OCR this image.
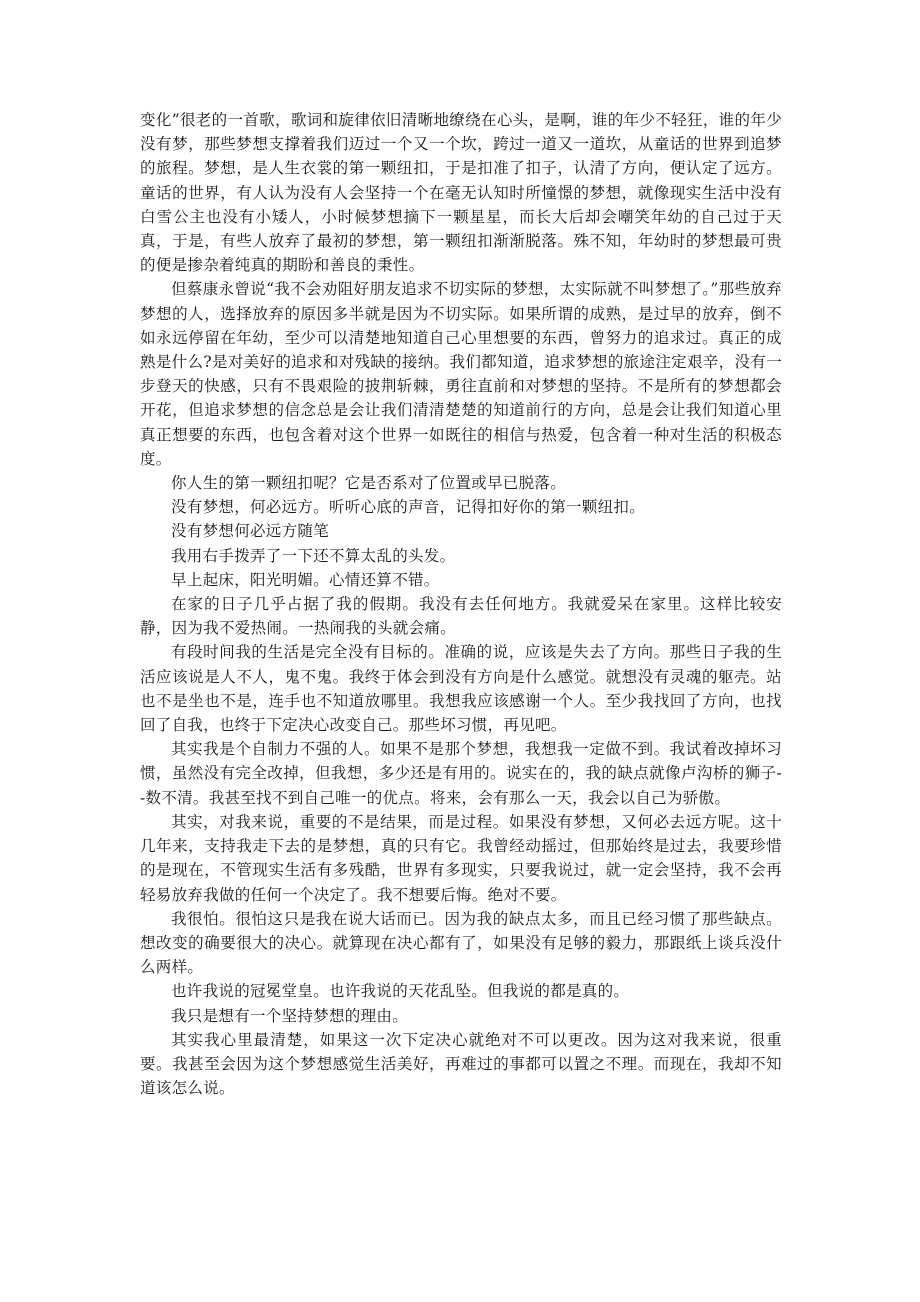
变化”很老的一首歌，歌词和旋律依旧清晰地缭绕在心头，是啊，谁的年少不轻狂，谁的年少没有梦，那些梦想支撑着我们迈过一个又一个坎，跨过一道又一道坎，从童话的世界到追梦的旅程。梦想，是人生衣裳的第一颗纽扣，于是扣准了扣子，认清了方向，便认定了远方。童话的世界，有人认为没有人会坚持一个在毫无认知时所憧憬的梦想，就像现实生活中没有白雪公主也没有小矮人，小时候梦想摘下一颗星星，而长大后却会嘲笑年幼的自己过于天真，于是，有些人放弃了最初的梦想，第一颗纽扣渐渐脱落。殊不知，年幼时的梦想最可贵的便是掺杂着纯真的期盼和善良的秉性。

但蔡康永曾说“我不会劝阻好朋友追求不切实际的梦想，太实际就不叫梦想了。”那些放弃梦想的人，选择放弃的原因多半就是因为不切实际。如果所谓的成熟，是过早的放弃，倒不如永远停留在年幼，至少可以清楚地知道自己心里想要的东西，曾努力的追求过。真正的成熟是什么?是对美好的追求和对残缺的接纳。我们都知道，追求梦想的旅途注定艰辛，没有一步登天的快感，只有不畏艰险的披荆斩棘，勇往直前和对梦想的坚持。不是所有的梦想都会开花，但追求梦想的信念总是会让我们清清楚楚的知道前行的方向，总是会让我们知道心里真正想要的东西，也包含着对这个世界一如既往的相信与热爱，包含着一种对生活的积极态度。

你人生的第一颗纽扣呢？它是否系对了位置或早已脱落。

没有梦想，何必远方。听听心底的声音，记得扣好你的第一颗纽扣。

没有梦想何必远方随笔

我用右手拨弄了一下还不算太乱的头发。

早上起床，阳光明媚。心情还算不错。

在家的日子几乎占据了我的假期。我没有去任何地方。我就爱呆在家里。这样比较安静，因为我不爱热闹。一热闹我的头就会痛。

有段时间我的生活是完全没有目标的。准确的说，应该是失去了方向。那些日子我的生活应该说是人不人，鬼不鬼。我终于体会到没有方向是什么感觉。就想没有灵魂的躯壳。站也不是坐也不是，连手也不知道放哪里。我想我应该感谢一个人。至少我找回了方向，也找回了自我，也终于下定决心改变自己。那些坏习惯，再见吧。

其实我是个自制力不强的人。如果不是那个梦想，我想我一定做不到。我试着改掉坏习惯，虽然没有完全改掉，但我想，多少还是有用的。说实在的，我的缺点就像卢沟桥的狮子--数不清。我甚至找不到自己唯一的优点。将来，会有那么一天，我会以自己为骄傲。

其实，对我来说，重要的不是结果，而是过程。如果没有梦想，又何必去远方呢。这十几年来，支持我走下去的是梦想，真的只有它。我曾经动摇过，但那始终是过去，我要珍惜的是现在，不管现实生活有多残酷，世界有多现实，只要我说过，就一定会坚持，我不会再轻易放弃我做的任何一个决定了。我不想要后悔。绝对不要。

我很怕。很怕这只是我在说大话而已。因为我的缺点太多，而且已经习惯了那些缺点。想改变的确要很大的决心。就算现在决心都有了，如果没有足够的毅力，那跟纸上谈兵没什么两样。

也许我说的冠冕堂皇。也许我说的天花乱坠。但我说的都是真的。

我只是想有一个坚持梦想的理由。

其实我心里最清楚，如果这一次下定决心就绝对不可以更改。因为这对我来说，很重要。我甚至会因为这个梦想感觉生活美好，再难过的事都可以置之不理。而现在，我却不知道该怎么说。
